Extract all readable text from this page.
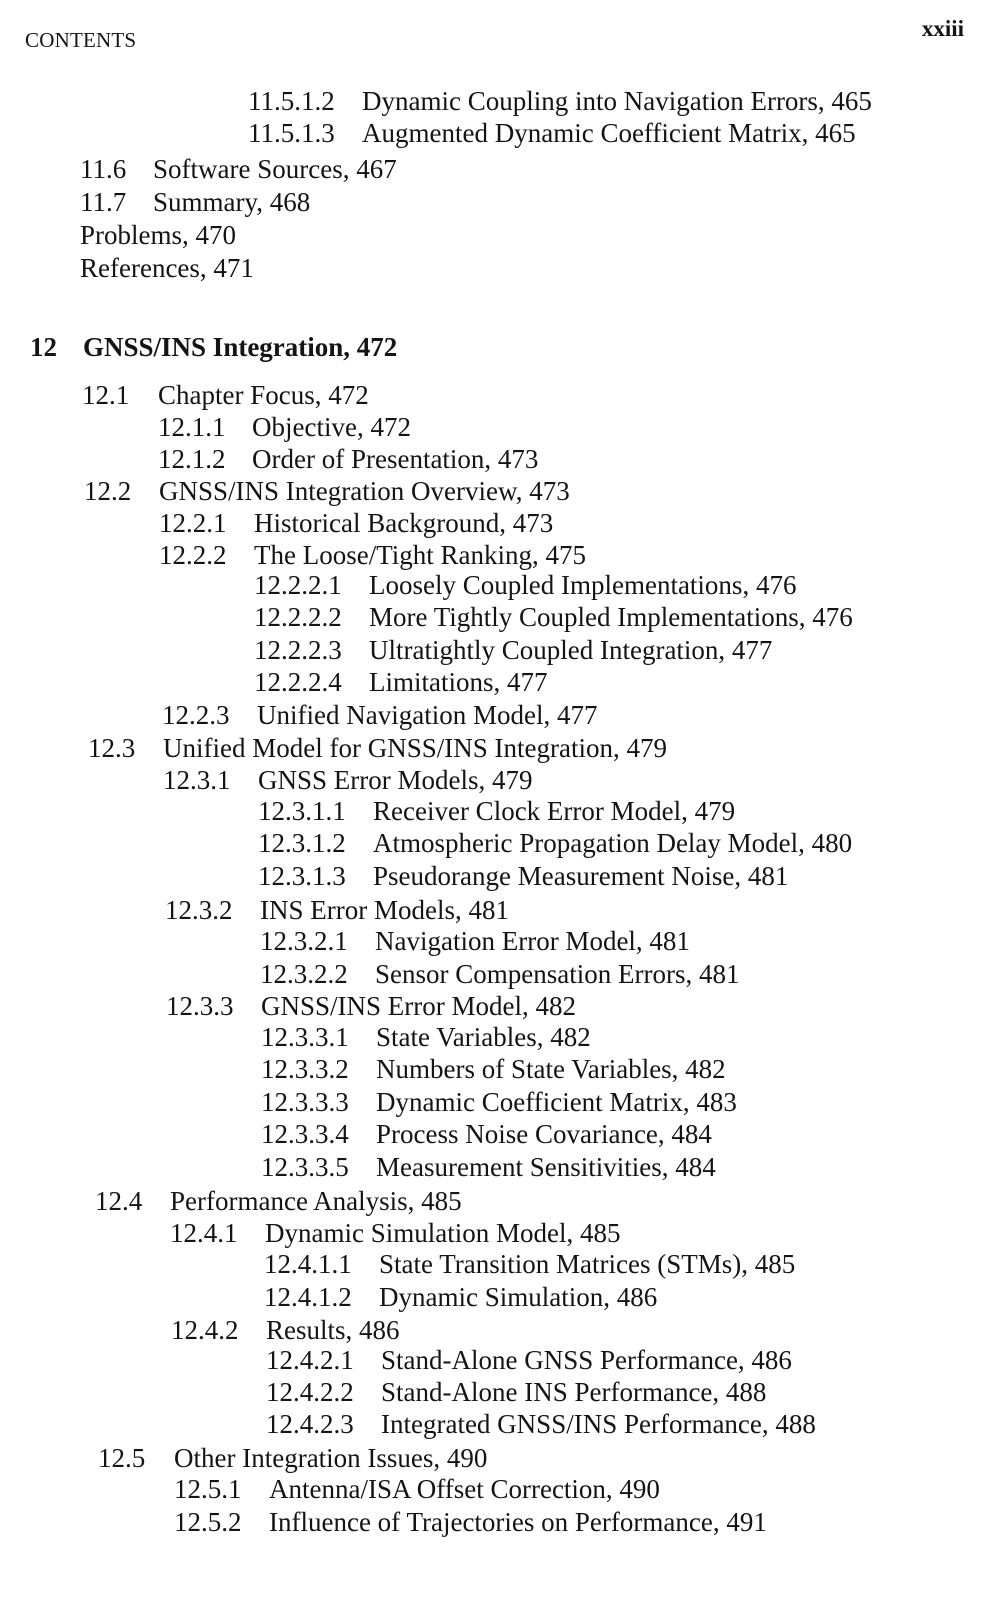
CONTENTS	xxiii
11.5.1.2 Dynamic Coupling into Navigation Errors, 465
11.5.1.3 Augmented Dynamic Coefficient Matrix, 465
11.6 Software Sources, 467
11.7 Summary, 468
Problems, 470
References, 471
12 GNSS/INS Integration, 472
12.1 Chapter Focus, 472
12.1.1 Objective, 472
12.1.2 Order of Presentation, 473
12.2 GNSS/INS Integration Overview, 473
12.2.1 Historical Background, 473
12.2.2 The Loose/Tight Ranking, 475
12.2.2.1 Loosely Coupled Implementations, 476
12.2.2.2 More Tightly Coupled Implementations, 476
12.2.2.3 Ultratightly Coupled Integration, 477
12.2.2.4 Limitations, 477
12.2.3 Unified Navigation Model, 477
12.3 Unified Model for GNSS/INS Integration, 479
12.3.1 GNSS Error Models, 479
12.3.1.1 Receiver Clock Error Model, 479
12.3.1.2 Atmospheric Propagation Delay Model, 480
12.3.1.3 Pseudorange Measurement Noise, 481
12.3.2 INS Error Models, 481
12.3.2.1 Navigation Error Model, 481
12.3.2.2 Sensor Compensation Errors, 481
12.3.3 GNSS/INS Error Model, 482
12.3.3.1 State Variables, 482
12.3.3.2 Numbers of State Variables, 482
12.3.3.3 Dynamic Coefficient Matrix, 483
12.3.3.4 Process Noise Covariance, 484
12.3.3.5 Measurement Sensitivities, 484
12.4 Performance Analysis, 485
12.4.1 Dynamic Simulation Model, 485
12.4.1.1 State Transition Matrices (STMs), 485
12.4.1.2 Dynamic Simulation, 486
12.4.2 Results, 486
12.4.2.1 Stand-Alone GNSS Performance, 486
12.4.2.2 Stand-Alone INS Performance, 488
12.4.2.3 Integrated GNSS/INS Performance, 488
12.5 Other Integration Issues, 490
12.5.1 Antenna/ISA Offset Correction, 490
12.5.2 Influence of Trajectories on Performance, 491
